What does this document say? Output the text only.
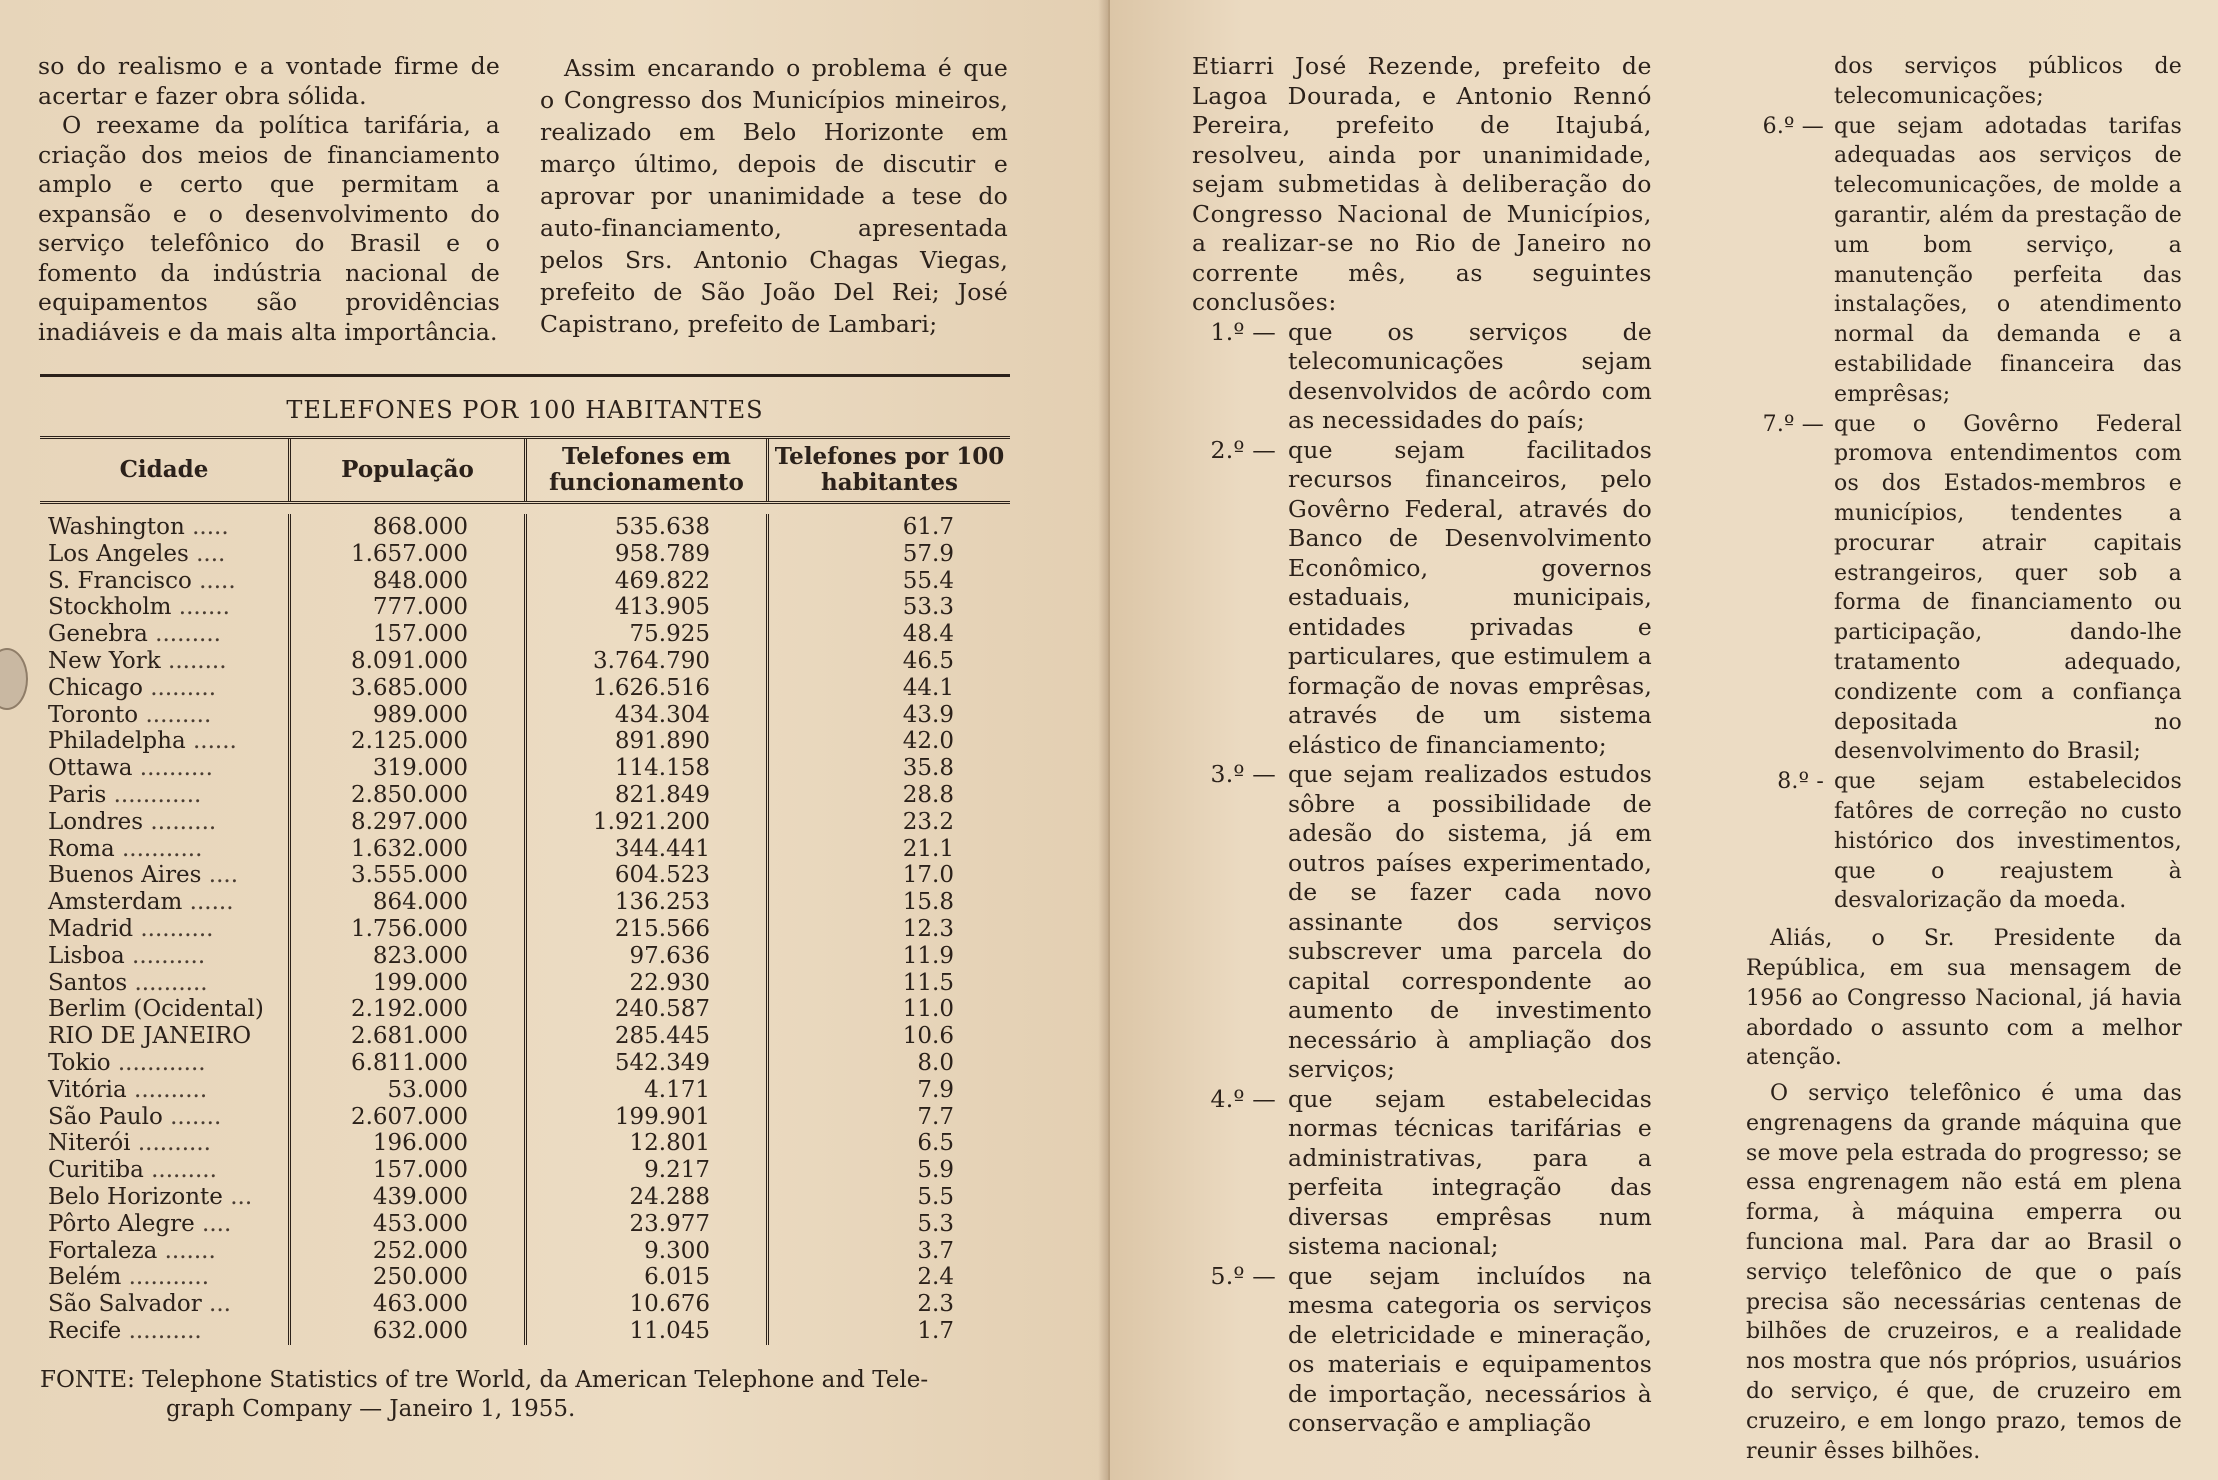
so do realismo e a vontade firme de acertar e fazer obra sólida.

O reexame da política tarifária, a criação dos meios de financiamento amplo e certo que permitam a expansão e o desenvolvimento do serviço telefônico do Brasil e o fomento da indústria nacional de equipamentos são providências inadiáveis e da mais alta importância.

Assim encarando o problema é que o Congresso dos Municípios mineiros, realizado em Belo Horizonte em março último, depois de discutir e aprovar por unanimidade a tese do auto-financiamento, apresentada pelos Srs. Antonio Chagas Viegas, prefeito de São João Del Rei; José Capistrano, prefeito de Lambari;

TELEFONES POR 100 HABITANTES
Cidade	População	Telefones em funcionamento
Telefones por 100 habitantes
Washington .....
Los Angeles ....
S. Francisco .....
Stockholm .......
Genebra .........
New York ........
Chicago .........
Toronto .........
Philadelpha ......
Ottawa ..........
Paris ............
Londres .........
Roma ...........
Buenos Aires ....
Amsterdam ......
Madrid ..........
Lisboa ..........
Santos ..........
Berlim (Ocidental)
RIO DE JANEIRO
Tokio ............
Vitória ..........
São Paulo .......
Niterói ..........
Curitiba .........
Belo Horizonte ...
Pôrto Alegre ....
Fortaleza .......
Belém ...........
São Salvador ...
Recife ..........
868.000
1.657.000
848.000
777.000
157.000
8.091.000
3.685.000
989.000
2.125.000
319.000
2.850.000
8.297.000
1.632.000
3.555.000
864.000
1.756.000
823.000
199.000
2.192.000
2.681.000
6.811.000
53.000
2.607.000
196.000
157.000
439.000
453.000
252.000
250.000
463.000
632.000
535.638
958.789
469.822
413.905
75.925
3.764.790
1.626.516
434.304
891.890
114.158
821.849
1.921.200
344.441
604.523
136.253
215.566
97.636
22.930
240.587
285.445
542.349
4.171
199.901
12.801
9.217
24.288
23.977
9.300
6.015
10.676
11.045
61.7
57.9
55.4
53.3
48.4
46.5
44.1
43.9
42.0
35.8
28.8
23.2
21.1
17.0
15.8
12.3
11.9
11.5
11.0
10.6
8.0
7.9
7.7
6.5
5.9
5.5
5.3
3.7
2.4
2.3
1.7
FONTE: Telephone Statistics of tre World, da American Telephone and Tele-
graph Company — Janeiro 1, 1955.

Etiarri José Rezende, prefeito de Lagoa Dourada, e Antonio Rennó Pereira, prefeito de Itajubá, resolveu, ainda por unanimidade, sejam submetidas à deliberação do Congresso Nacional de Municípios, a realizar-se no Rio de Janeiro no corrente mês, as seguintes conclusões:

1.º — que os serviços de telecomunicações sejam desenvolvidos de acôrdo com as necessidades do país;
2.º — que sejam facilitados recursos financeiros, pelo Govêrno Federal, através do Banco de Desenvolvimento Econômico, governos estaduais, municipais, entidades privadas e particulares, que estimulem a formação de novas emprêsas, através de um sistema elástico de financiamento;
3.º — que sejam realizados estudos sôbre a possibilidade de adesão do sistema, já em outros países experimentado, de se fazer cada novo assinante dos serviços subscrever uma parcela do capital correspondente ao aumento de investimento necessário à ampliação dos serviços;
4.º — que sejam estabelecidas normas técnicas tarifárias e administrativas, para a perfeita integração das diversas emprêsas num sistema nacional;
5.º — que sejam incluídos na mesma categoria os serviços de eletricidade e mineração, os materiais e equipamentos de importação, necessários à conservação e ampliação

dos serviços públicos de telecomunicações;

6.º — que sejam adotadas tarifas adequadas aos serviços de telecomunicações, de molde a garantir, além da prestação de um bom serviço, a manutenção perfeita das instalações, o atendimento normal da demanda e a estabilidade financeira das emprêsas;
7.º — que o Govêrno Federal promova entendimentos com os dos Estados-membros e municípios, tendentes a procurar atrair capitais estrangeiros, quer sob a forma de financiamento ou participação, dando-lhe tratamento adequado, condizente com a confiança depositada no desenvolvimento do Brasil;
8.º - que sejam estabelecidos fatôres de correção no custo histórico dos investimentos, que o reajustem à desvalorização da moeda.

Aliás, o Sr. Presidente da República, em sua mensagem de 1956 ao Congresso Nacional, já havia abordado o assunto com a melhor atenção.

O serviço telefônico é uma das engrenagens da grande máquina que se move pela estrada do progresso; se essa engrenagem não está em plena forma, à máquina emperra ou funciona mal. Para dar ao Brasil o serviço telefônico de que o país precisa são necessárias centenas de bilhões de cruzeiros, e a realidade nos mostra que nós próprios, usuários do serviço, é que, de cruzeiro em cruzeiro, e em longo prazo, temos de reunir êsses bilhões.
